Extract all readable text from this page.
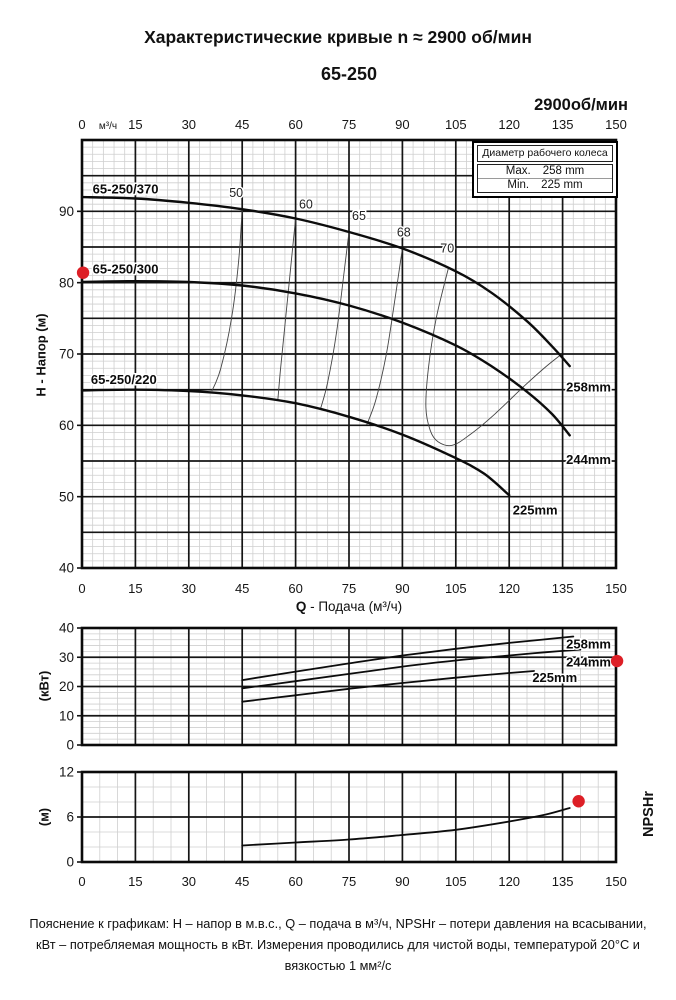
Характеристические кривые n ≈ 2900 об/мин
65-250
2900об/мин
50
60
65
68
70
65-250/370
65-250/300
65-250/220	258mm
244mm
225mm
40
50
60
70
80
90
0	15	30	45	60	75	90	105 120 135 150
м³/ч
0	15	30	45	60	75	90	105 120 135 150
258mm
244mm
225mm
0
10
20
30
40
0
6
12
0	15	30	45	60	75	90	105 120 135 150
H - Напор (м)
Q - Подача (м³/ч)
(кВт)
(м)	NPSHr
Диаметр рабочего колеса
Max. 258 mm
Min. 225 mm
Пояснение к графикам: H – напор в м.в.с., Q – подача в м³/ч, NPSHr – потери давления на всасывании, кВт – потребляемая мощность в кВт. Измерения проводились для чистой воды, температурой 20°C и вязкостью 1 мм²/с
